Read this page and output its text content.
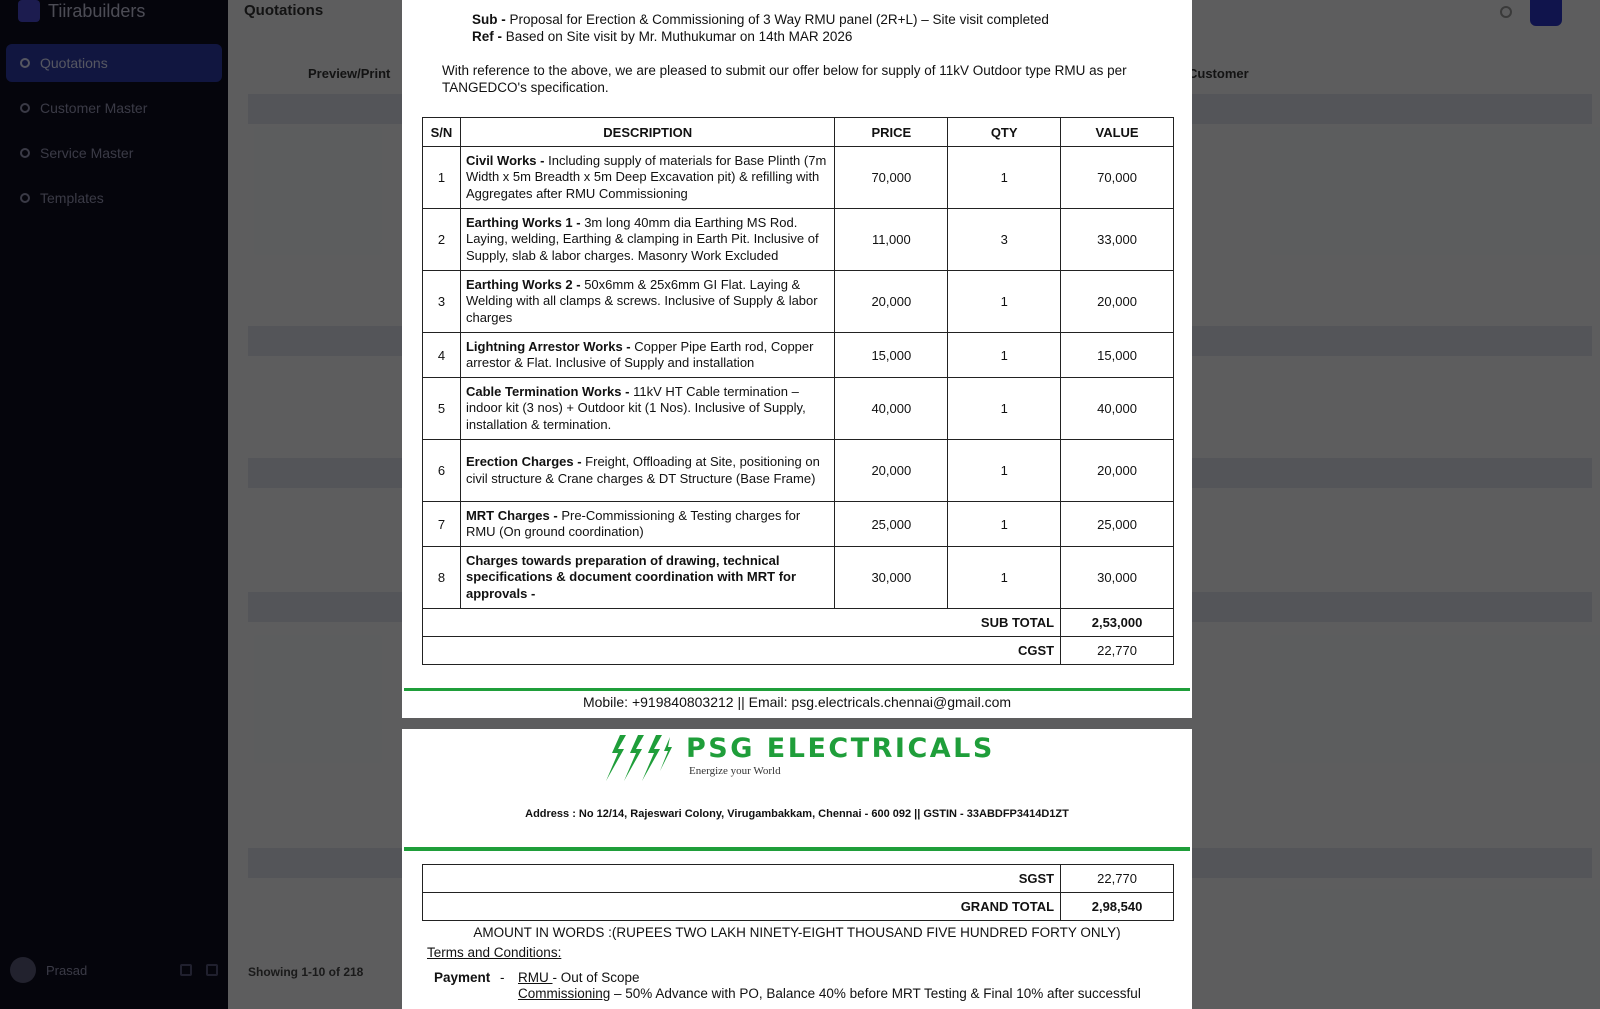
Sub - Proposal for Erection & Commissioning of 3 Way RMU panel (2R+L) – Site visit completed
Ref - Based on Site visit by Mr. Muthukumar on 14th MAR 2026
With reference to the above, we are pleased to submit our offer below for supply of 11kV Outdoor type RMU as per TANGEDCO's specification.
S/N	DESCRIPTION	PRICE	QTY	VALUE
1	Civil Works - Including supply of materials for Base Plinth (7m Width x 5m Breadth x 5m Deep Excavation pit) & refilling with Aggregates after RMU Commissioning	70,000	1	70,000
2	Earthing Works 1 - 3m long 40mm dia Earthing MS Rod. Laying, welding, Earthing & clamping in Earth Pit. Inclusive of Supply, slab & labor charges. Masonry Work Excluded	11,000	3	33,000
3	Earthing Works 2 - 50x6mm & 25x6mm GI Flat. Laying & Welding with all clamps & screws. Inclusive of Supply & labor charges	20,000	1	20,000
4	Lightning Arrestor Works - Copper Pipe Earth rod, Copper arrestor & Flat. Inclusive of Supply and installation	15,000	1	15,000
5	Cable Termination Works - 11kV HT Cable termination – indoor kit (3 nos) + Outdoor kit (1 Nos). Inclusive of Supply, installation & termination.	40,000	1	40,000
6	Erection Charges - Freight, Offloading at Site, positioning on civil structure & Crane charges & DT Structure (Base Frame)	20,000	1	20,000
7	MRT Charges - Pre-Commissioning & Testing charges for RMU (On ground coordination)	25,000	1	25,000
8	Charges towards preparation of drawing, technical specifications & document coordination with MRT for approvals -	30,000	1	30,000
SUB TOTAL				2,53,000
CGST				22,770
Mobile: +919840803212 || Email: psg.electricals.chennai@gmail.com
PSG ELECTRICALS
Energize your World
Address : No 12/14, Rajeswari Colony, Virugambakkam, Chennai - 600 092 || GSTIN - 33ABDFP3414D1ZT
SGST	22,770
GRAND TOTAL	2,98,540
AMOUNT IN WORDS :(RUPEES TWO LAKH NINETY-EIGHT THOUSAND FIVE HUNDRED FORTY ONLY)
Terms and Conditions:
Payment -	RMU - Out of Scope
Commissioning – 50% Advance with PO, Balance 40% before MRT Testing & Final 10% after successful
